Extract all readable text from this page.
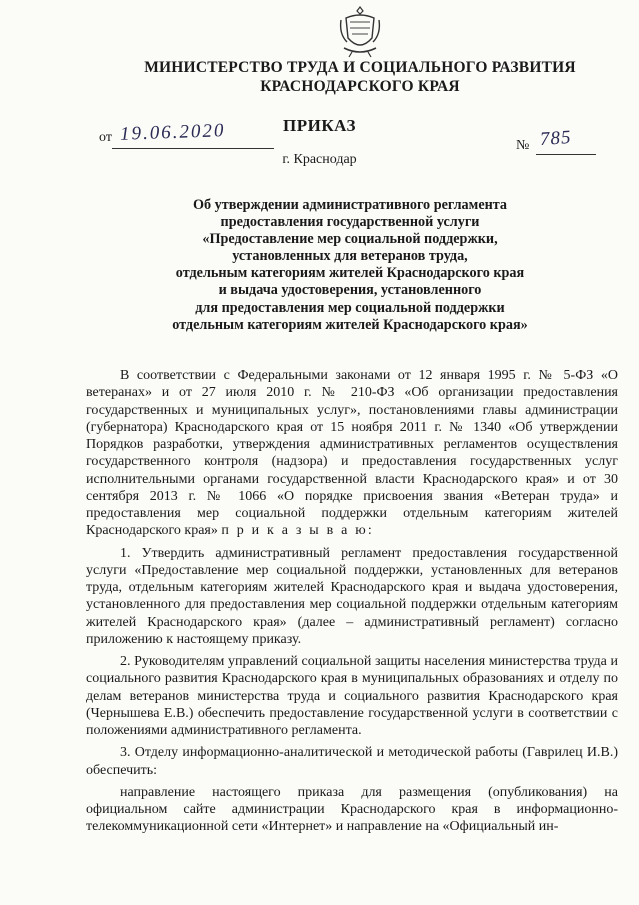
МИНИСТЕРСТВО ТРУДА И СОЦИАЛЬНОГО РАЗВИТИЯ
КРАСНОДАРСКОГО КРАЯ
ПРИКАЗ
от 19.06.2020
№ 785
г. Краснодар
Об утверждении административного регламента
предоставления государственной услуги
«Предоставление мер социальной поддержки,
установленных для ветеранов труда,
отдельным категориям жителей Краснодарского края
и выдача удостоверения, установленного
для предоставления мер социальной поддержки
отдельным категориям жителей Краснодарского края»

В соответствии с Федеральными законами от 12 января 1995 г. № 5-ФЗ «О ветеранах» и от 27 июля 2010 г. № 210-ФЗ «Об организации предоставления государственных и муниципальных услуг», постановлениями главы администрации (губернатора) Краснодарского края от 15 ноября 2011 г. № 1340 «Об утверждении Порядков разработки, утверждения административных регламентов осуществления государственного контроля (надзора) и предоставления государственных услуг исполнительными органами государственной власти Краснодарского края» и от 30 сентября 2013 г. № 1066 «О порядке присвоения звания «Ветеран труда» и предоставления мер социальной поддержки отдельным категориям жителей Краснодарского края» п р и к а з ы в а ю:

1. Утвердить административный регламент предоставления государственной услуги «Предоставление мер социальной поддержки, установленных для ветеранов труда, отдельным категориям жителей Краснодарского края и выдача удостоверения, установленного для предоставления мер социальной поддержки отдельным категориям жителей Краснодарского края» (далее – административный регламент) согласно приложению к настоящему приказу.

2. Руководителям управлений социальной защиты населения министерства труда и социального развития Краснодарского края в муниципальных образованиях и отделу по делам ветеранов министерства труда и социального развития Краснодарского края (Чернышева Е.В.) обеспечить предоставление государственной услуги в соответствии с положениями административного регламента.

3. Отделу информационно-аналитической и методической работы (Гаврилец И.В.) обеспечить:

направление настоящего приказа для размещения (опубликования) на официальном сайте администрации Краснодарского края в информационно-телекоммуникационной сети «Интернет» и направление на «Официальный ин-
